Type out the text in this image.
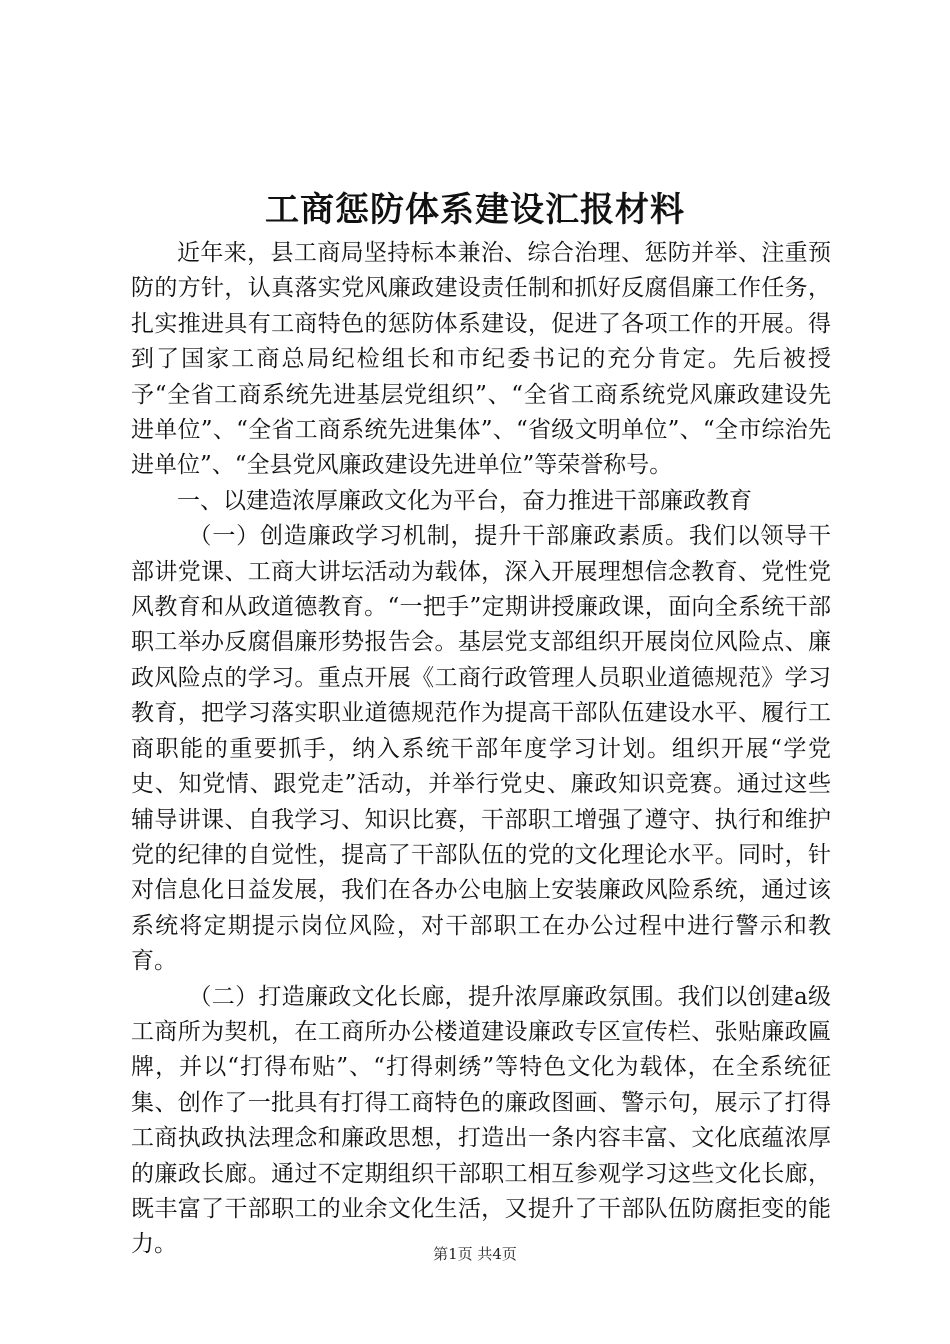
工商惩防体系建设汇报材料

近年来，县工商局坚持标本兼治、综合治理、惩防并举、注重预防的方针，认真落实党风廉政建设责任制和抓好反腐倡廉工作任务，扎实推进具有工商特色的惩防体系建设，促进了各项工作的开展。得到了国家工商总局纪检组长和市纪委书记的充分肯定。先后被授予“全省工商系统先进基层党组织”、“全省工商系统党风廉政建设先进单位”、“全省工商系统先进集体”、“省级文明单位”、“全市综治先进单位”、“全县党风廉政建设先进单位”等荣誉称号。

一、以建造浓厚廉政文化为平台，奋力推进干部廉政教育

（一）创造廉政学习机制，提升干部廉政素质。我们以领导干部讲党课、工商大讲坛活动为载体，深入开展理想信念教育、党性党风教育和从政道德教育。“一把手”定期讲授廉政课，面向全系统干部职工举办反腐倡廉形势报告会。基层党支部组织开展岗位风险点、廉政风险点的学习。重点开展《工商行政管理人员职业道德规范》学习教育，把学习落实职业道德规范作为提高干部队伍建设水平、履行工商职能的重要抓手，纳入系统干部年度学习计划。组织开展“学党史、知党情、跟党走”活动，并举行党史、廉政知识竞赛。通过这些辅导讲课、自我学习、知识比赛，干部职工增强了遵守、执行和维护党的纪律的自觉性，提高了干部队伍的党的文化理论水平。同时，针对信息化日益发展，我们在各办公电脑上安装廉政风险系统，通过该系统将定期提示岗位风险，对干部职工在办公过程中进行警示和教育。

（二）打造廉政文化长廊，提升浓厚廉政氛围。我们以创建a级工商所为契机，在工商所办公楼道建设廉政专区宣传栏、张贴廉政匾牌，并以“打得布贴”、“打得刺绣”等特色文化为载体，在全系统征集、创作了一批具有打得工商特色的廉政图画、警示句，展示了打得工商执政执法理念和廉政思想，打造出一条内容丰富、文化底蕴浓厚的廉政长廊。通过不定期组织干部职工相互参观学习这些文化长廊，既丰富了干部职工的业余文化生活，又提升了干部队伍防腐拒变的能力。	第1页 共4页
